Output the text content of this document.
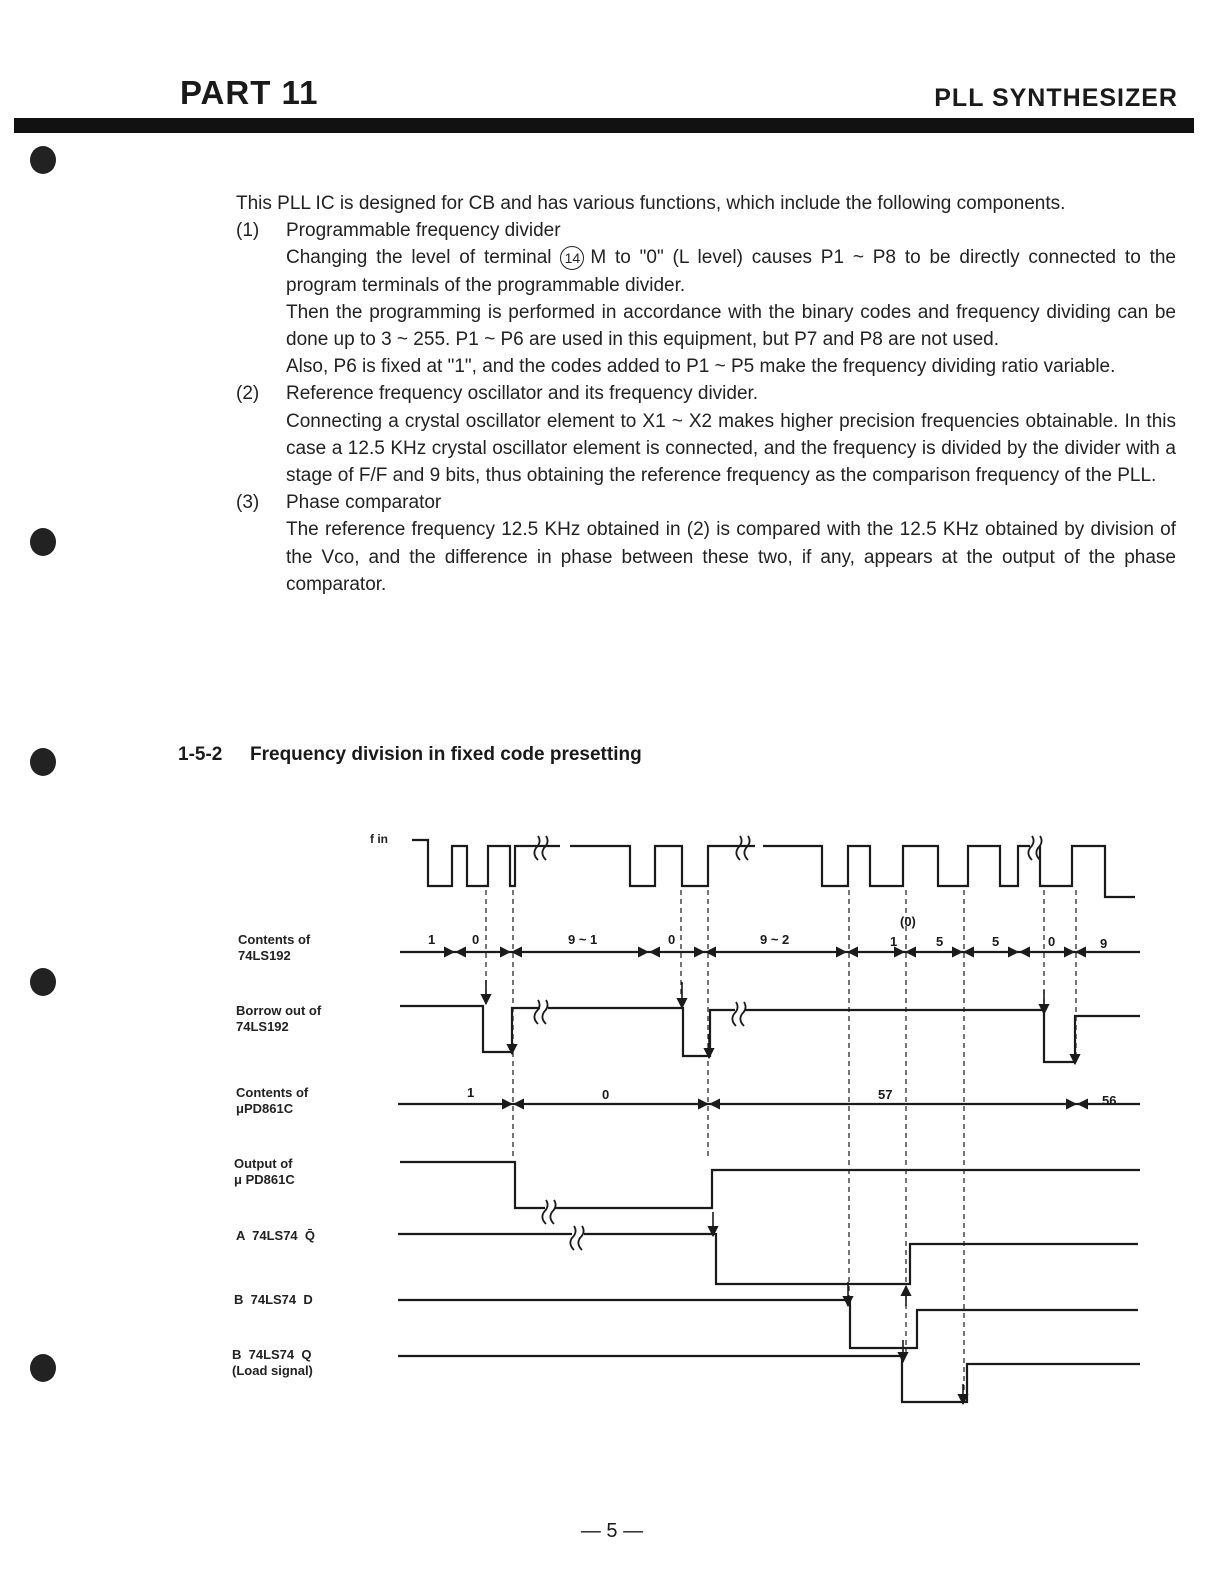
PART 11	PLL SYNTHESIZER

This PLL IC is designed for CB and has various functions, which include the following components.

(1)	Programmable frequency divider

Changing the level of terminal 14 M to "0" (L level) causes P1 ~ P8 to be directly connected to the program terminals of the programmable divider.

Then the programming is performed in accordance with the binary codes and frequency dividing can be done up to 3 ~ 255. P1 ~ P6 are used in this equipment, but P7 and P8 are not used.

Also, P6 is fixed at "1", and the codes added to P1 ~ P5 make the frequency dividing ratio variable.

(2)	Reference frequency oscillator and its frequency divider.

Connecting a crystal oscillator element to X1 ~ X2 makes higher precision frequencies obtainable. In this case a 12.5 KHz crystal oscillator element is connected, and the frequency is divided by the divider with a stage of F/F and 9 bits, thus obtaining the reference frequency as the comparison frequency of the PLL.

(3)	Phase comparator

The reference frequency 12.5 KHz obtained in (2) is compared with the 12.5 KHz obtained by division of the Vco, and the difference in phase between these two, if any, appears at the output of the phase comparator.

1-5-2 Frequency division in fixed code presetting
f in
Contents of
74LS192
Borrow out of
74LS192
Contents of
μPD861C
Output of
μ PD861C
A  74LS74  Q̄
B  74LS74  D
B  74LS74  Q
(Load signal)
1	0	9 ~ 1	0	9 ~ 2
(0)
1	5	5	0	9
1	0	57	56
— 5 —
